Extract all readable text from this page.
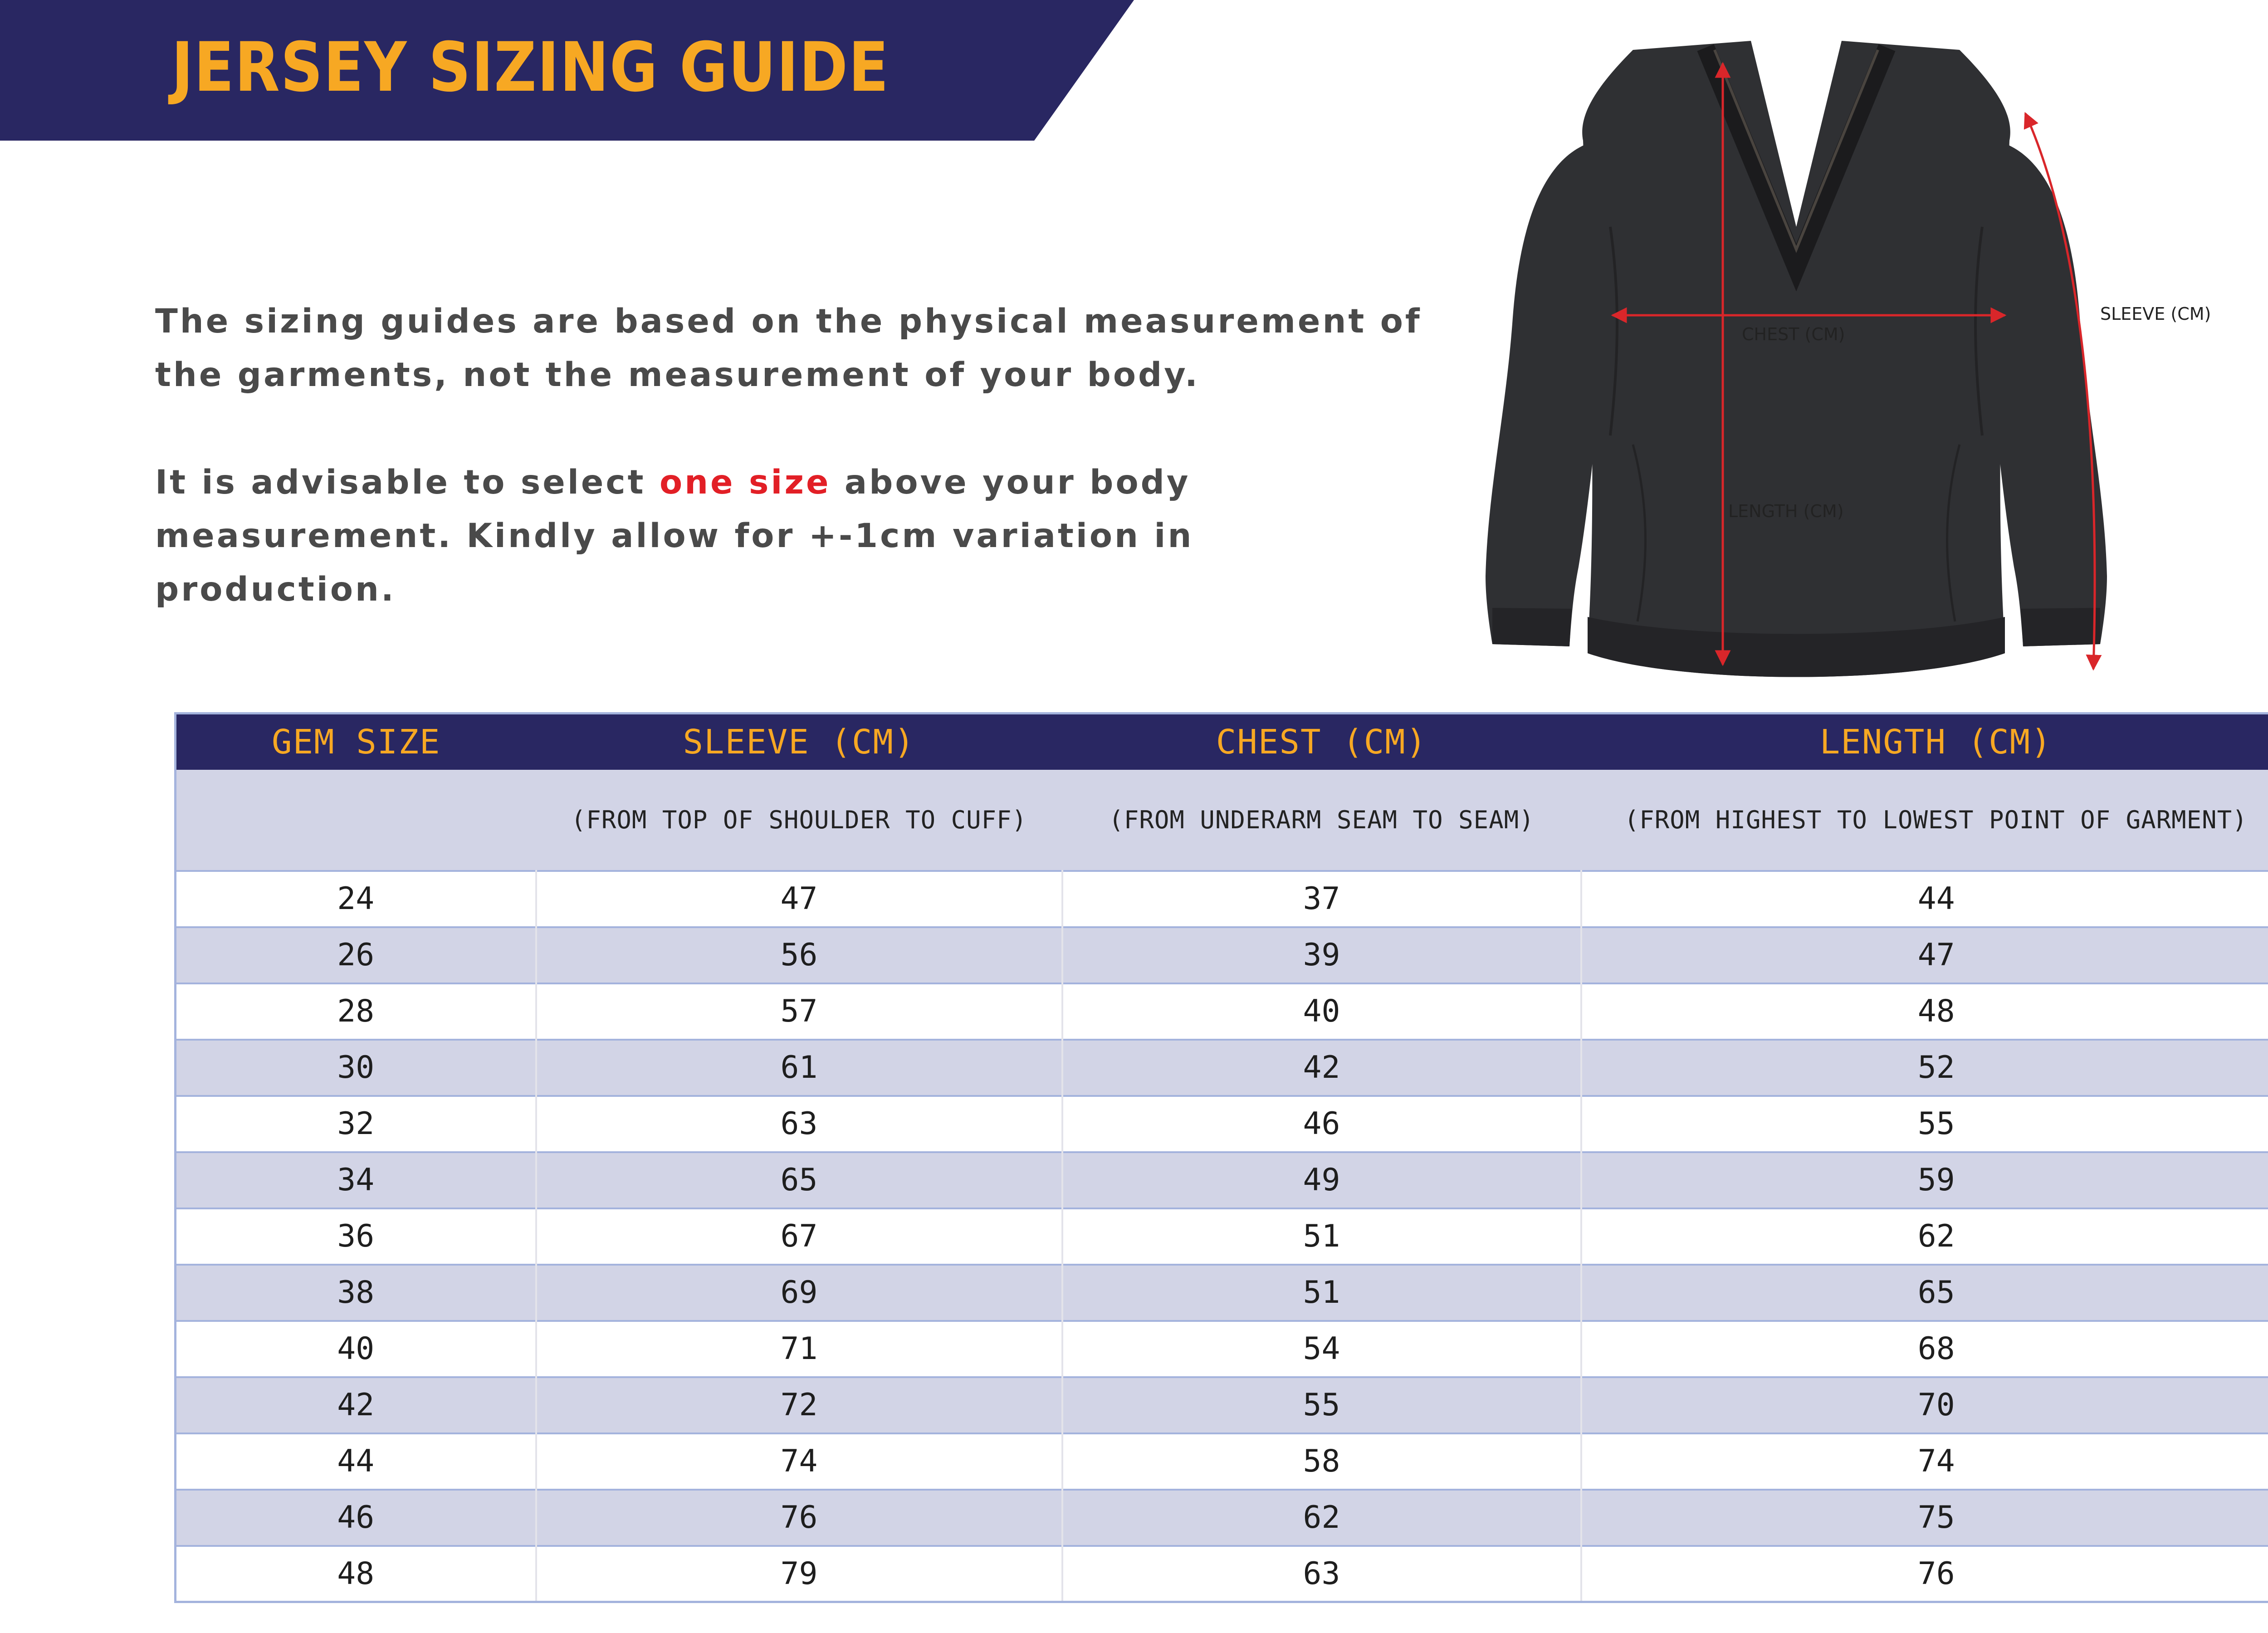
JERSEY SIZING GUIDE

The sizing guides are based on the physical measurement of the garments, not the measurement of your body.

It is advisable to select one size above your body measurement. Kindly allow for +-1cm variation in production.

CHEST (CM)
LENGTH (CM)
SLEEVE (CM)
GEM SIZE	SLEEVE (CM)	CHEST (CM)	LENGTH (CM)
	(FROM TOP OF SHOULDER TO CUFF)	(FROM UNDERARM SEAM TO SEAM)	(FROM HIGHEST TO LOWEST POINT OF GARMENT)
24	47	37	44
26	56	39	47
28	57	40	48
30	61	42	52
32	63	46	55
34	65	49	59
36	67	51	62
38	69	51	65
40	71	54	68
42	72	55	70
44	74	58	74
46	76	62	75
48	79	63	76
